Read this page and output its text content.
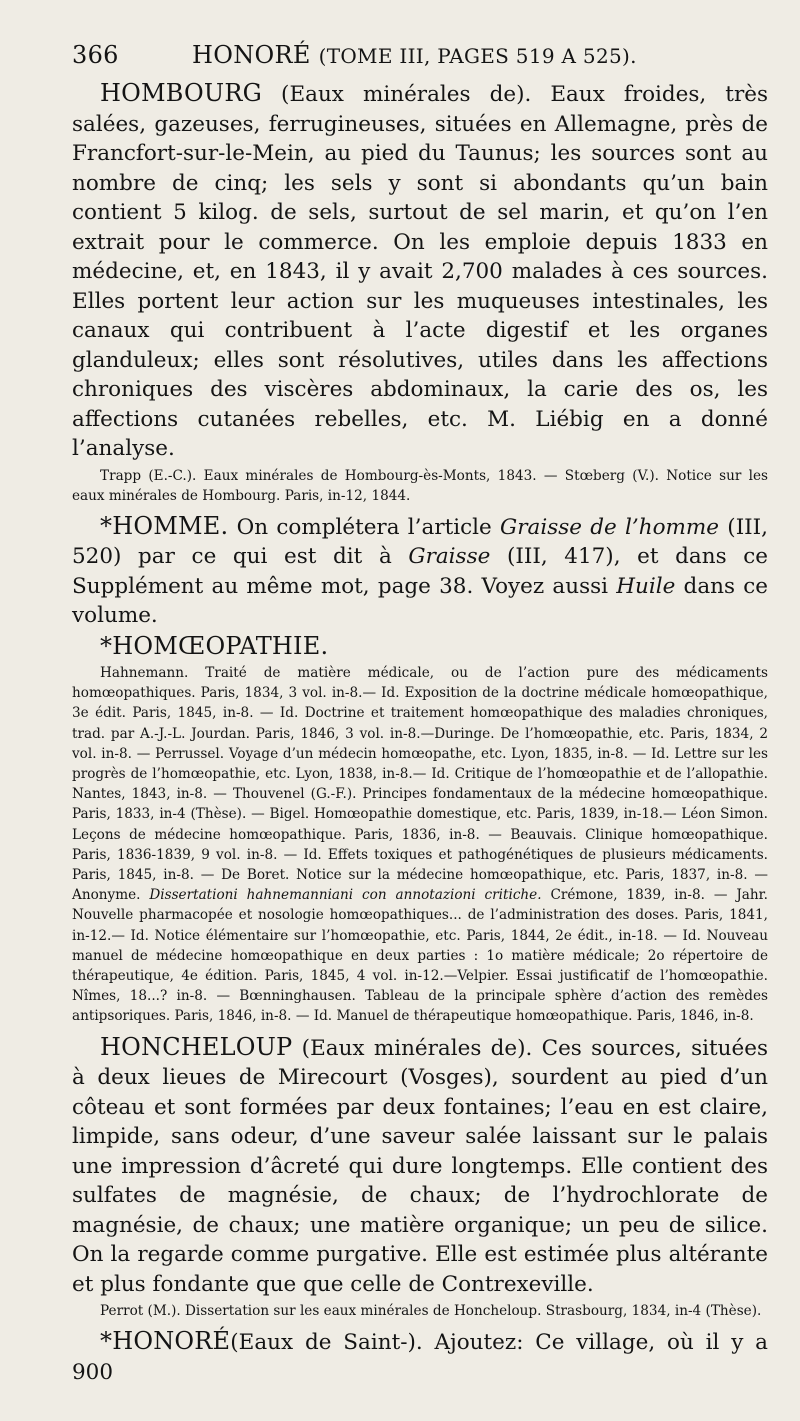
366	HONORÉ (TOME III, PAGES 519 A 525).

HOMBOURG (Eaux minérales de). Eaux froides, très salées, gazeuses, ferrugineuses, situées en Allemagne, près de Francfort-sur-le-Mein, au pied du Taunus; les sources sont au nombre de cinq; les sels y sont si abondants qu’un bain contient 5 kilog. de sels, surtout de sel marin, et qu’on l’en extrait pour le commerce. On les emploie depuis 1833 en médecine, et, en 1843, il y avait 2,700 malades à ces sources. Elles portent leur action sur les muqueuses intestinales, les canaux qui contribuent à l’acte digestif et les organes glanduleux; elles sont résolutives, utiles dans les affections chroniques des viscères abdominaux, la carie des os, les affections cutanées rebelles, etc. M. Liébig en a donné l’analyse.

Trapp (E.-C.). Eaux minérales de Hombourg-ès-Monts, 1843. — Stœberg (V.). Notice sur les eaux minérales de Hombourg. Paris, in-12, 1844.

*HOMME. On complétera l’article Graisse de l’homme (III, 520) par ce qui est dit à Graisse (III, 417), et dans ce Supplément au même mot, page 38. Voyez aussi Huile dans ce volume.

*HOMŒOPATHIE.

Hahnemann. Traité de matière médicale, ou de l’action pure des médicaments homœopathiques. Paris, 1834, 3 vol. in-8.— Id. Exposition de la doctrine médicale homœopathique, 3e édit. Paris, 1845, in-8. — Id. Doctrine et traitement homœopathique des maladies chroniques, trad. par A.-J.-L. Jourdan. Paris, 1846, 3 vol. in-8.—Duringe. De l’homœopathie, etc. Paris, 1834, 2 vol. in-8. — Perrussel. Voyage d’un médecin homœopathe, etc. Lyon, 1835, in-8. — Id. Lettre sur les progrès de l’homœopathie, etc. Lyon, 1838, in-8.— Id. Critique de l’homœopathie et de l’allopathie. Nantes, 1843, in-8. — Thouvenel (G.-F.). Principes fondamentaux de la médecine homœopathique. Paris, 1833, in-4 (Thèse). — Bigel. Homœopathie domestique, etc. Paris, 1839, in-18.— Léon Simon. Leçons de médecine homœopathique. Paris, 1836, in-8. — Beauvais. Clinique homœopathique. Paris, 1836-1839, 9 vol. in-8. — Id. Effets toxiques et pathogénétiques de plusieurs médicaments. Paris, 1845, in-8. — De Boret. Notice sur la médecine homœopathique, etc. Paris, 1837, in-8. — Anonyme. Dissertationi hahnemanniani con annotazioni critiche. Crémone, 1839, in-8. — Jahr. Nouvelle pharmacopée et nosologie homœopathiques... de l’administration des doses. Paris, 1841, in-12.— Id. Notice élémentaire sur l’homœopathie, etc. Paris, 1844, 2e édit., in-18. — Id. Nouveau manuel de médecine homœopathique en deux parties : 1o matière médicale; 2o répertoire de thérapeutique, 4e édition. Paris, 1845, 4 vol. in-12.—Velpier. Essai justificatif de l’homœopathie. Nîmes, 18...? in-8. — Bœnninghausen. Tableau de la principale sphère d’action des remèdes antipsoriques. Paris, 1846, in-8. — Id. Manuel de thérapeutique homœopathique. Paris, 1846, in-8.

HONCHELOUP (Eaux minérales de). Ces sources, situées à deux lieues de Mirecourt (Vosges), sourdent au pied d’un côteau et sont formées par deux fontaines; l’eau en est claire, limpide, sans odeur, d’une saveur salée laissant sur le palais une impression d’âcreté qui dure longtemps. Elle contient des sulfates de magnésie, de chaux; de l’hydrochlorate de magnésie, de chaux; une matière organique; un peu de silice. On la regarde comme purgative. Elle est estimée plus altérante et plus fondante que que celle de Contrexeville.

Perrot (M.). Dissertation sur les eaux minérales de Honcheloup. Strasbourg, 1834, in-4 (Thèse).

*HONORÉ(Eaux de Saint-). Ajoutez: Ce village, où il y a 900
